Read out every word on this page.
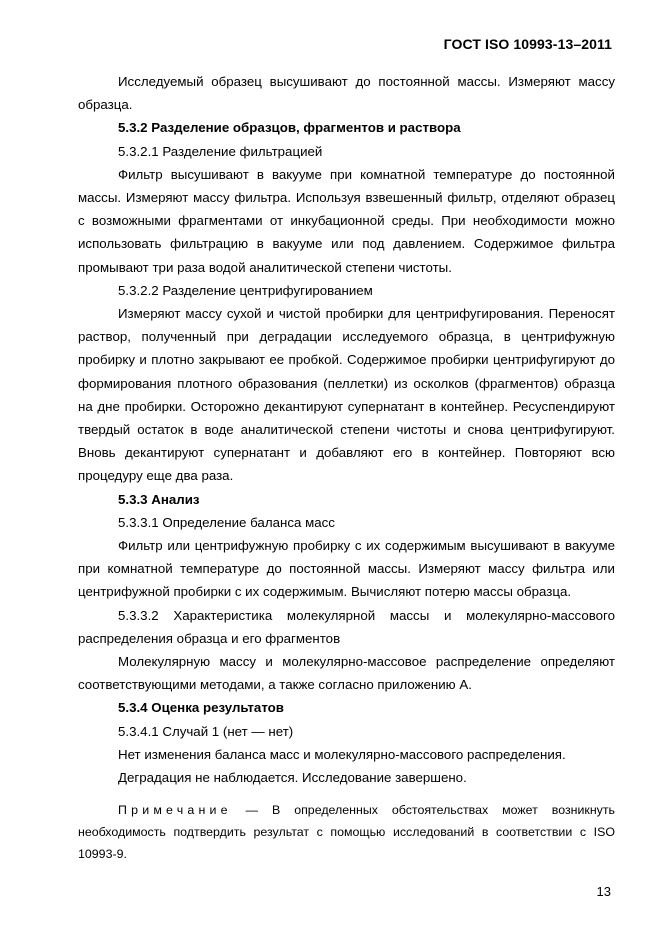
ГОСТ ISO 10993-13–2011

Исследуемый образец высушивают до постоянной массы. Измеряют массу образца.

5.3.2 Разделение образцов, фрагментов и раствора

5.3.2.1 Разделение фильтрацией

Фильтр высушивают в вакууме при комнатной температуре до постоянной массы. Измеряют массу фильтра. Используя взвешенный фильтр, отделяют образец с возможными фрагментами от инкубационной среды. При необходимости можно использовать фильтрацию в вакууме или под давлением. Содержимое фильтра промывают три раза водой аналитической степени чистоты.

5.3.2.2 Разделение центрифугированием

Измеряют массу сухой и чистой пробирки для центрифугирования. Переносят раствор, полученный при деградации исследуемого образца, в центрифужную пробирку и плотно закрывают ее пробкой. Содержимое пробирки центрифугируют до формирования плотного образования (пеллетки) из осколков (фрагментов) образца на дне пробирки. Осторожно декантируют супернатант в контейнер. Ресуспендируют твердый остаток в воде аналитической степени чистоты и снова центрифугируют. Вновь декантируют супернатант и добавляют его в контейнер. Повторяют всю процедуру еще два раза.

5.3.3 Анализ

5.3.3.1 Определение баланса масс

Фильтр или центрифужную пробирку с их содержимым высушивают в вакууме при комнатной температуре до постоянной массы. Измеряют массу фильтра или центрифужной пробирки с их содержимым. Вычисляют потерю массы образца.

5.3.3.2 Характеристика молекулярной массы и молекулярно-массового распределения образца и его фрагментов

Молекулярную массу и молекулярно-массовое распределение определяют соответствующими методами, а также согласно приложению А.

5.3.4 Оценка результатов

5.3.4.1 Случай 1 (нет — нет)

Нет изменения баланса масс и молекулярно-массового распределения.

Деградация не наблюдается. Исследование завершено.

Примечание — В определенных обстоятельствах может возникнуть необходимость подтвердить результат с помощью исследований в соответствии с ISO 10993-9.

13
